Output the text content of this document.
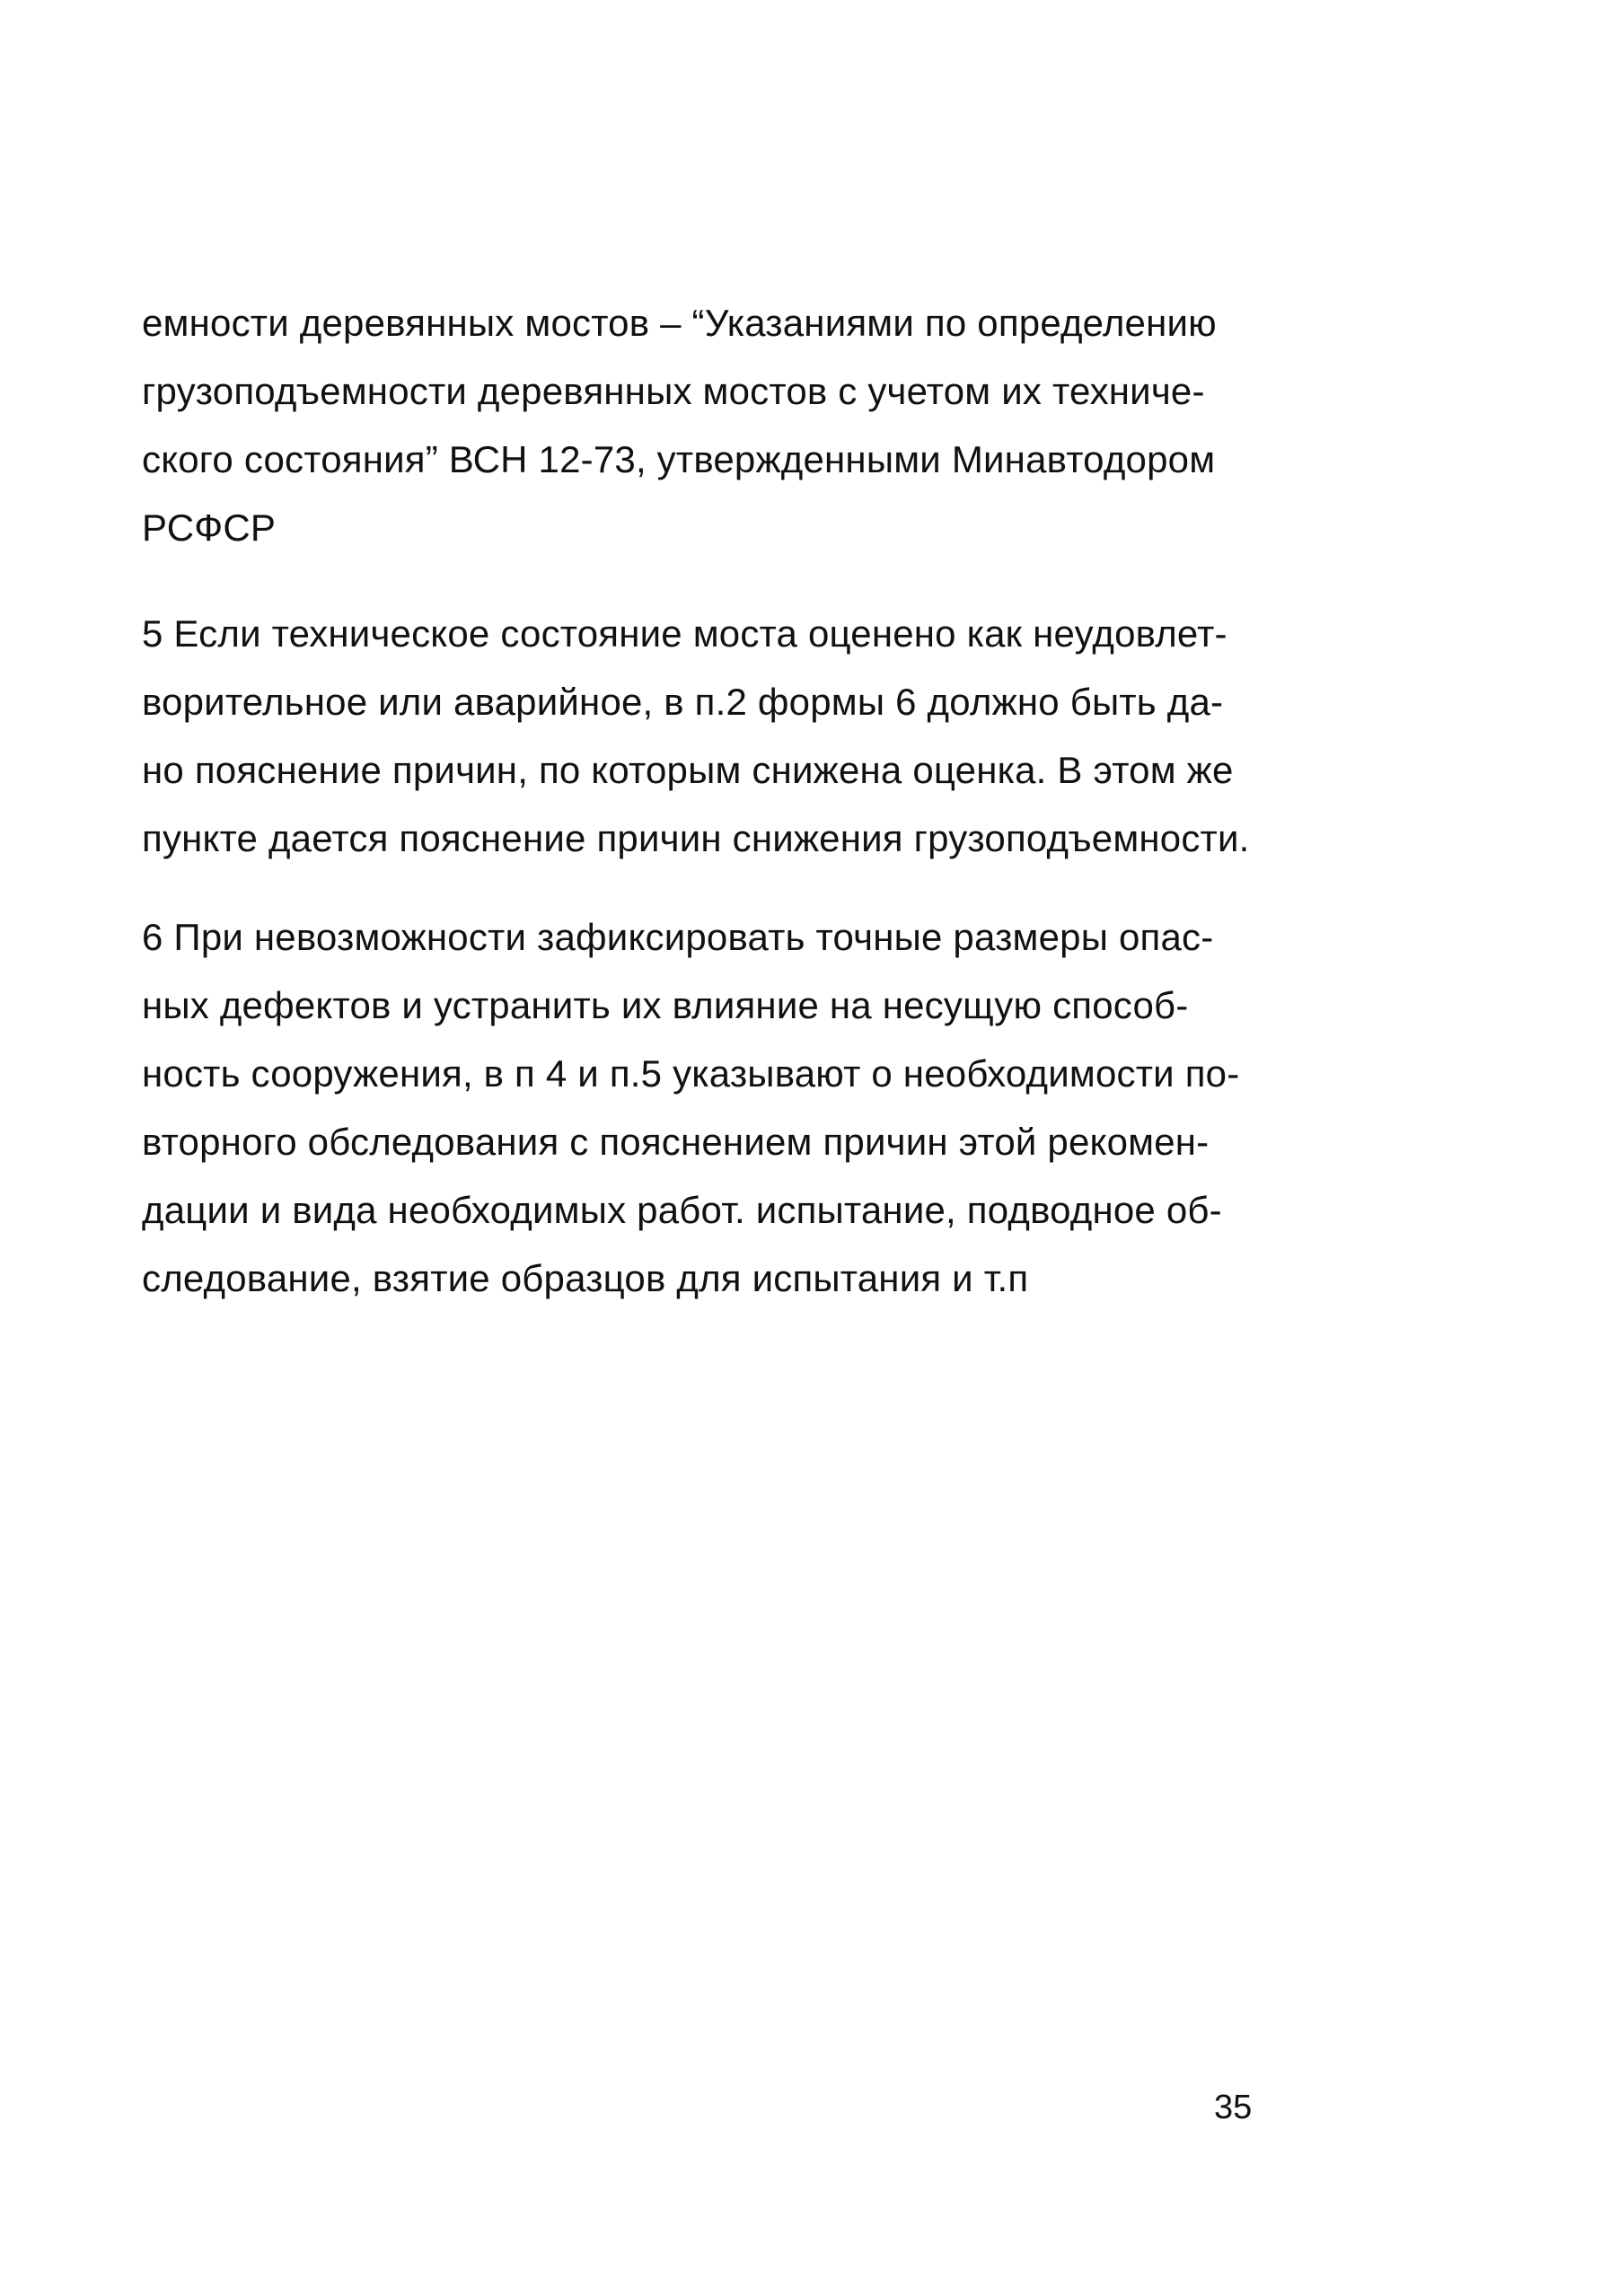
емности деревянных мостов – “Указаниями по определению
грузоподъемности деревянных мостов с учетом их техниче-
ского состояния” ВСН 12-73, утвержденными Минавтодором
РСФСР
5 Если техническое состояние моста оценено как неудовлет-
ворительное или аварийное, в п.2 формы 6 должно быть да-
но пояснение причин, по которым снижена оценка. В этом же
пункте дается пояснение причин снижения грузоподъемности.
6 При невозможности зафиксировать точные размеры опас-
ных дефектов и устранить их влияние на несущую способ-
ность сооружения, в п 4 и п.5 указывают о необходимости по-
вторного обследования с пояснением причин этой рекомен-
дации и вида необходимых работ. испытание, подводное об-
следование, взятие образцов для испытания и т.п
35
